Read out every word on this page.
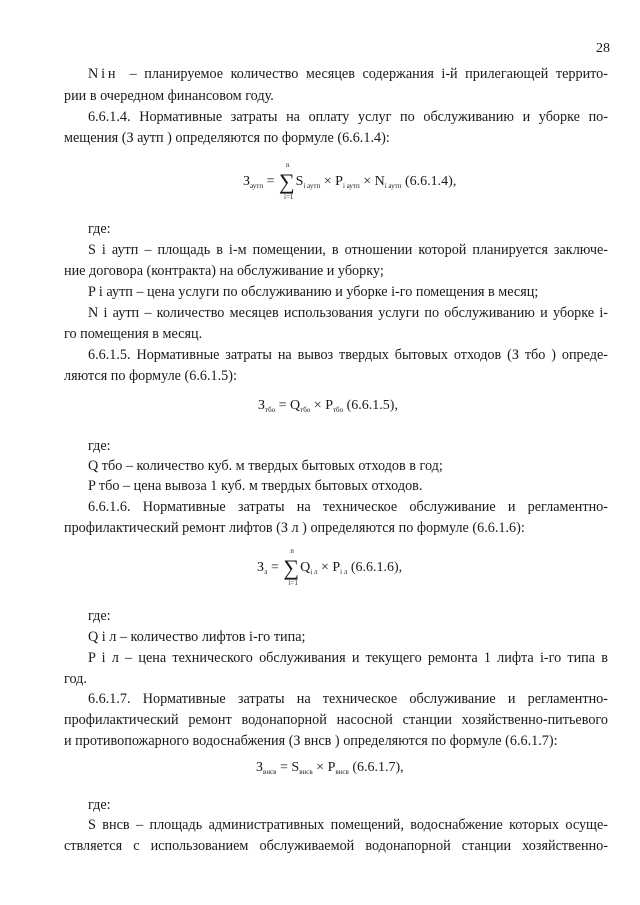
28
N i н – планируемое количество месяцев содержания i-й прилегающей террито-
рии в очередном финансовом году.
6.6.1.4. Нормативные затраты на оплату услуг по обслуживанию и уборке по-
мещения (З аутп ) определяются по формуле (6.6.1.4):
$З_{аутп}$ =
n
∑
i=1
$S_{i аутп} \times P_{i аутп} \times N_{i аутп}$ (6.6.1.4),
где:
S i аутп – площадь в i-м помещении, в отношении которой планируется заключе-
ние договора (контракта) на обслуживание и уборку;
P i аутп – цена услуги по обслуживанию и уборке i-го помещения в месяц;
N i аутп – количество месяцев использования услуги по обслуживанию и уборке i-
го помещения в месяц.
6.6.1.5. Нормативные затраты на вывоз твердых бытовых отходов (З тбо ) опреде-
ляются по формуле (6.6.1.5):
$З_{тбо} = Q_{тбо} \times P_{тбо}$ (6.6.1.5),
где:
Q тбо – количество куб. м твердых бытовых отходов в год;
P тбо – цена вывоза 1 куб. м твердых бытовых отходов.
6.6.1.6. Нормативные затраты на техническое обслуживание и регламентно-
профилактический ремонт лифтов (З л ) определяются по формуле (6.6.1.6):
$З_л$ =
n
∑
i=1
$Q_{i л} \times P_{i л}$ (6.6.1.6),
где:
Q i л – количество лифтов i-го типа;
P i л – цена технического обслуживания и текущего ремонта 1 лифта i-го типа в
год.
6.6.1.7. Нормативные затраты на техническое обслуживание и регламентно-
профилактический ремонт водонапорной насосной станции хозяйственно-питьевого
и противопожарного водоснабжения (З внсв ) определяются по формуле (6.6.1.7):
$З_{внсв} = S_{внсв} \times P_{внсв}$ (6.6.1.7),
где:
S внсв – площадь административных помещений, водоснабжение которых осуще-
ствляется с использованием обслуживаемой водонапорной станции хозяйственно-
